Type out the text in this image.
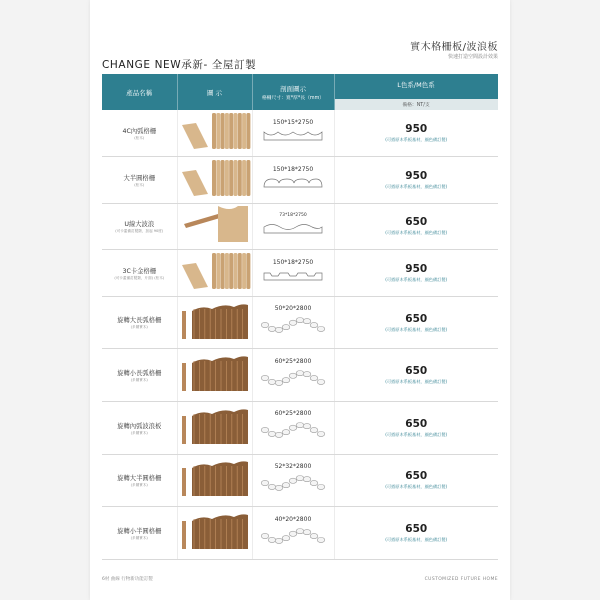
實木格柵板/波浪板
快速打造空間設計效果
CHANGE NEW承新- 全屋訂製
產品名稱	圖 示	剖面圖示
格柵尺寸：寬*厚*長（mm）	L色系/M色系
備格：NT/支

4C內弧格柵
(松木)		150*15*2750	950
(可搭原木系板基材，顏色備訂製)

大半圓格柵
(松木)		150*18*2750	950
(可搭原木系板基材，顏色備訂製)

U線大波浪
(可卡蓋備訂製類，加起 90度)		73*18*2750	650
(可搭原木系板基材，顏色備訂製)

3C卡金格柵
(可卡蓋備訂製類，片面) (松木)		150*18*2750	950
(可搭原木系板基材，顏色備訂製)

旋轉大長弧格柵
(多層實木)		50*20*2800	650
(可搭原木系板基材，顏色備訂製)

旋轉小長弧格柵
(多層實木)		60*25*2800	650
(可搭原木系板基材，顏色備訂製)

旋轉內弧波浪板
(多層實木)		60*25*2800	650
(可搭原木系板基材，顏色備訂製)

旋轉大半圓格柵
(多層實木)		52*32*2800	650
(可搭原木系板基材，顏色備訂製)

旋轉小半圓格柵
(多層實木)		40*20*2800	650
(可搭原木系板基材，顏色備訂製)
6材 曲線 行物新功能訂製	CUSTOMIZED FUTURE HOME
